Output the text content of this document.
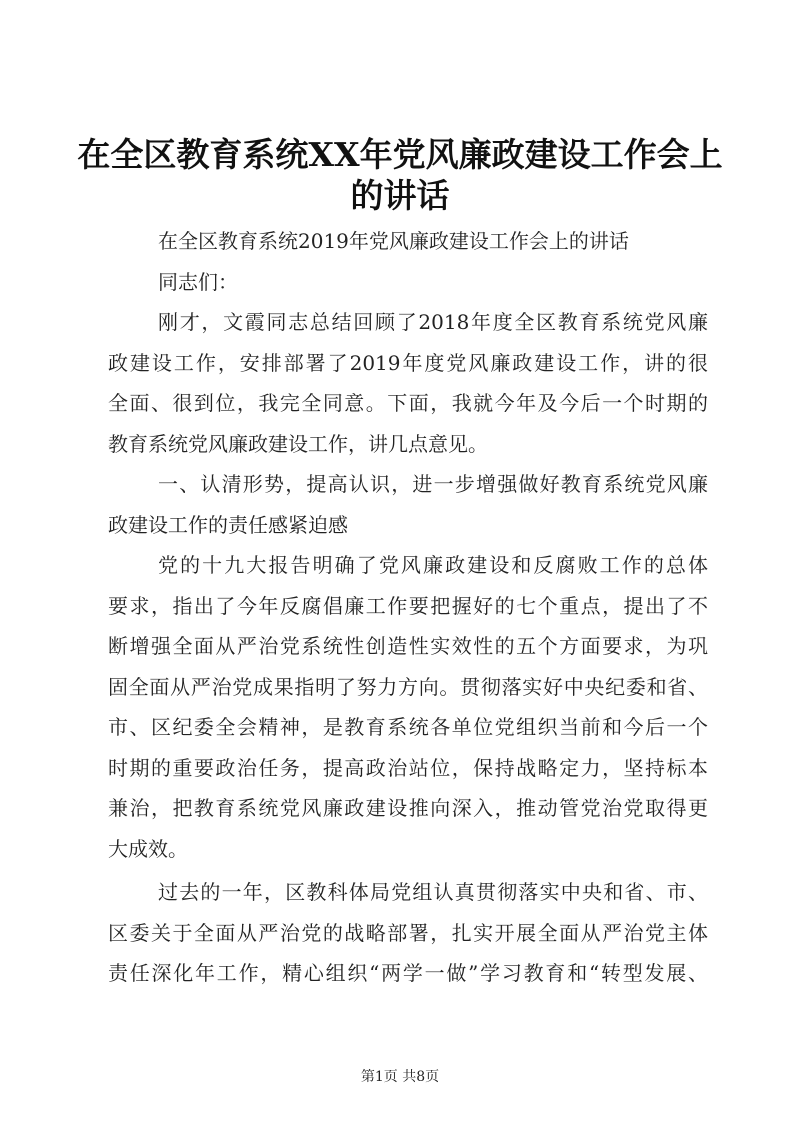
在全区教育系统XX年党风廉政建设工作会上
的讲话
在全区教育系统2019年党风廉政建设工作会上的讲话
同志们：
刚才，文霞同志总结回顾了2018年度全区教育系统党风廉
政建设工作，安排部署了2019年度党风廉政建设工作，讲的很
全面、很到位，我完全同意。下面，我就今年及今后一个时期的
教育系统党风廉政建设工作，讲几点意见。
一、认清形势，提高认识，进一步增强做好教育系统党风廉
政建设工作的责任感紧迫感
党的十九大报告明确了党风廉政建设和反腐败工作的总体
要求，指出了今年反腐倡廉工作要把握好的七个重点，提出了不
断增强全面从严治党系统性创造性实效性的五个方面要求，为巩
固全面从严治党成果指明了努力方向。贯彻落实好中央纪委和省、
市、区纪委全会精神，是教育系统各单位党组织当前和今后一个
时期的重要政治任务，提高政治站位，保持战略定力，坚持标本
兼治，把教育系统党风廉政建设推向深入，推动管党治党取得更
大成效。
过去的一年，区教科体局党组认真贯彻落实中央和省、市、
区委关于全面从严治党的战略部署，扎实开展全面从严治党主体
责任深化年工作，精心组织“两学一做”学习教育和“转型发展、
第1页 共8页
